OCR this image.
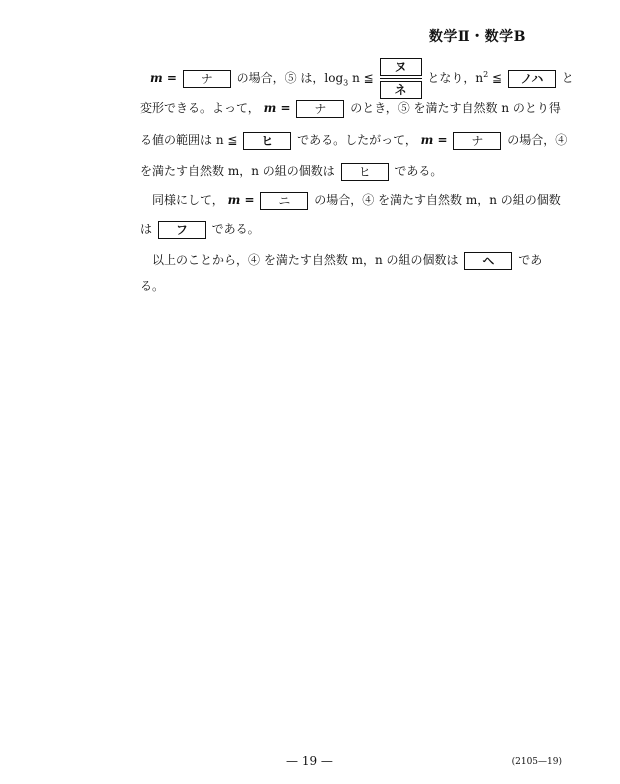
数学Ⅱ・数学B
m = ナ の場合，⑤ は，$\log_3 n$ ≦ $\frac{\text{ヌ}}{\text{ネ}}$ となり，$n^2$ ≦ ノハ と
変形できる。よって， m = ナ のとき，⑤ を満たす自然数 n のとり得
る値の範囲は n ≦ ヒ である。したがって， m = ナ の場合，④
を満たす自然数 m，n の組の個数は ヒ である。
同様にして， m = ニ の場合，④ を満たす自然数 m，n の組の個数
は フ である。
以上のことから，④ を満たす自然数 m，n の組の個数は ヘ であ
る。
— 19 —	(2105—19)
